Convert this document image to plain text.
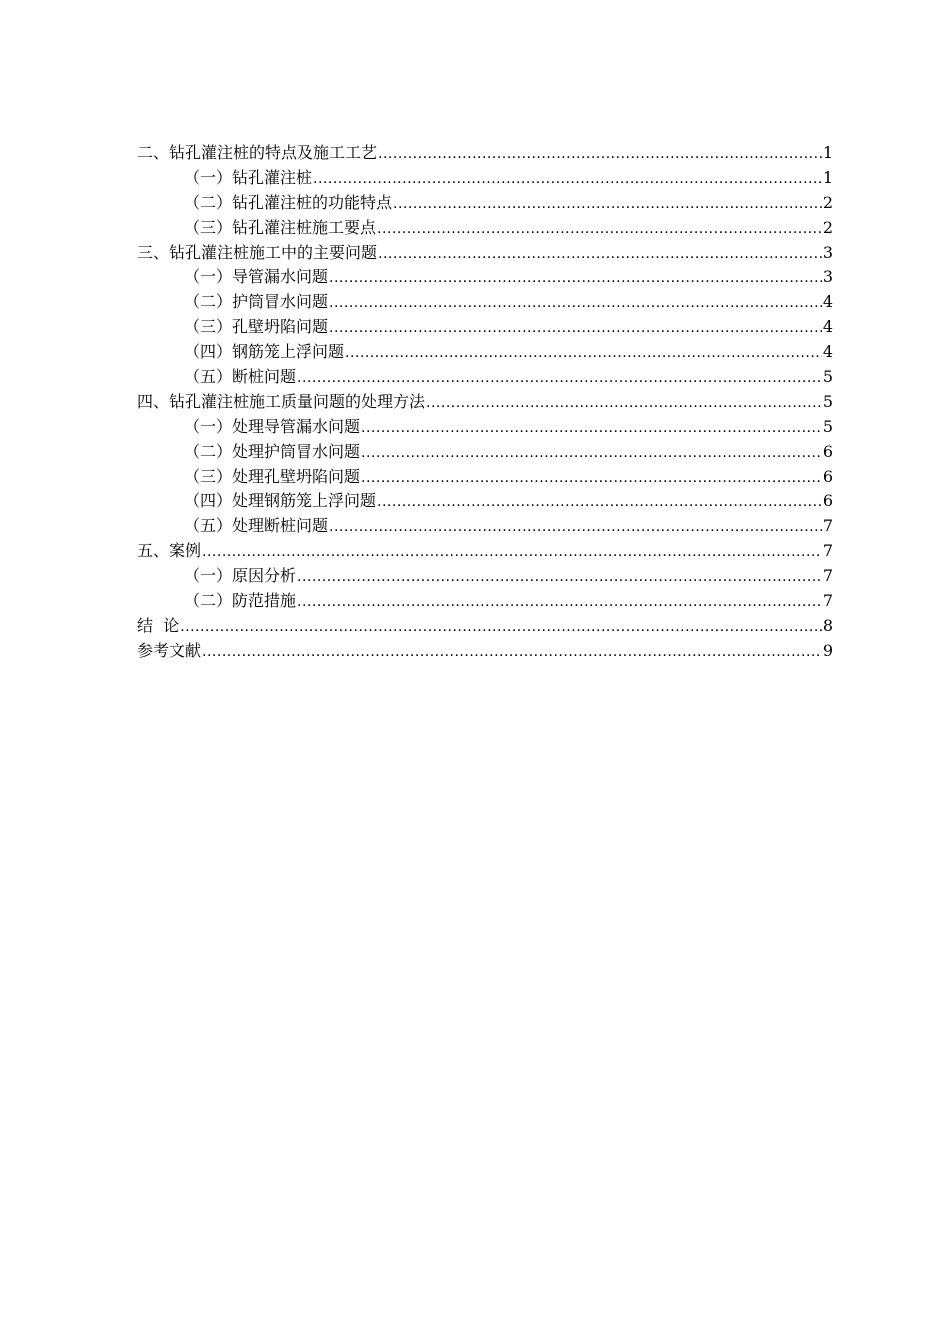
二、钻孔灌注桩的特点及施工工艺 .....	1
（一）钻孔灌注桩 .....	1
（二）钻孔灌注桩的功能特点 .....	2
（三）钻孔灌注桩施工要点 .....	2
三、钻孔灌注桩施工中的主要问题 .....	3
（一）导管漏水问题 .....	3
（二）护筒冒水问题 .....	4
（三）孔壁坍陷问题 .....	4
（四）钢筋笼上浮问题 .....	4
（五）断桩问题 .....	5
四、钻孔灌注桩施工质量问题的处理方法 .....	5
（一）处理导管漏水问题 .....	5
（二）处理护筒冒水问题 .....	6
（三）处理孔壁坍陷问题 .....	6
（四）处理钢筋笼上浮问题 .....	6
（五）处理断桩问题 .....	7
五、案例 .....	7
（一）原因分析 .....	7
（二）防范措施 .....	7
结  论 .....	8
参考文献 .....	9
